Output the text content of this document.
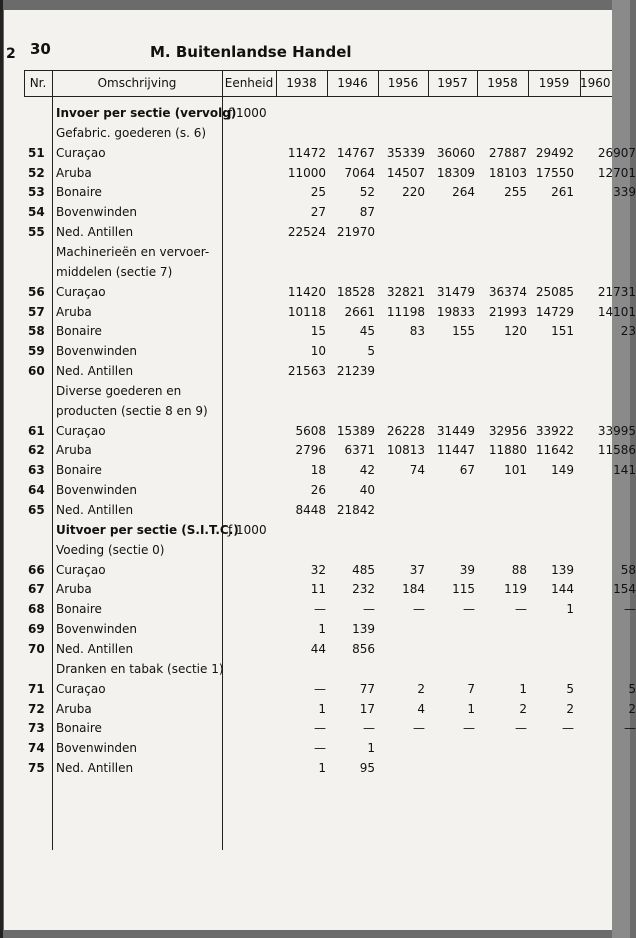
2 30	M. Buitenlandse Handel
Nr.	Omschrijving	Eenheid	1938	1946	1956	1957	1958	1959 1960
Invoer per sectie (vervolg)
ƒ 1000
Gefabric. goederen (s. 6)
51 Curaçao	11472 14767 35339 36060	27887 29492	26907
52 Aruba	11000	7064 14507 18309	18103 17550	12701
53 Bonaire	25	52	220	264	255	261	339
54 Bovenwinden	27	87
55 Ned. Antillen	22524 21970
Machinerieën en vervoer-
middelen (sectie 7)
56 Curaçao	11420 18528 32821 31479	36374 25085	21731
57 Aruba	10118	2661 11198 19833	21993 14729	14101
58 Bonaire	15	45	83	155	120	151	23
59 Bovenwinden	10	5
60 Ned. Antillen	21563 21239
Diverse goederen en
producten (sectie 8 en 9)
61 Curaçao	5608 15389 26228 31449	32956 33922	33995
62 Aruba	2796	6371 10813 11447	11880 11642	11586
63 Bonaire	18	42	74	67	101	149	141
64 Bovenwinden	26	40
65 Ned. Antillen	8448 21842
Uitvoer per sectie (S.I.T.C.)
ƒ 1000
Voeding (sectie 0)
66 Curaçao	32	485	37	39	88	139	58
67 Aruba	11	232	184	115	119	144	154
68 Bonaire	—	—	—	—	—	1	—
69 Bovenwinden	1	139
70 Ned. Antillen	44	856
Dranken en tabak (sectie 1)
71 Curaçao	—	77	2	7	1	5	5
72 Aruba	1	17	4	1	2	2	2
73 Bonaire	—	—	—	—	—	—	—
74 Bovenwinden	—	1
75 Ned. Antillen	1	95
